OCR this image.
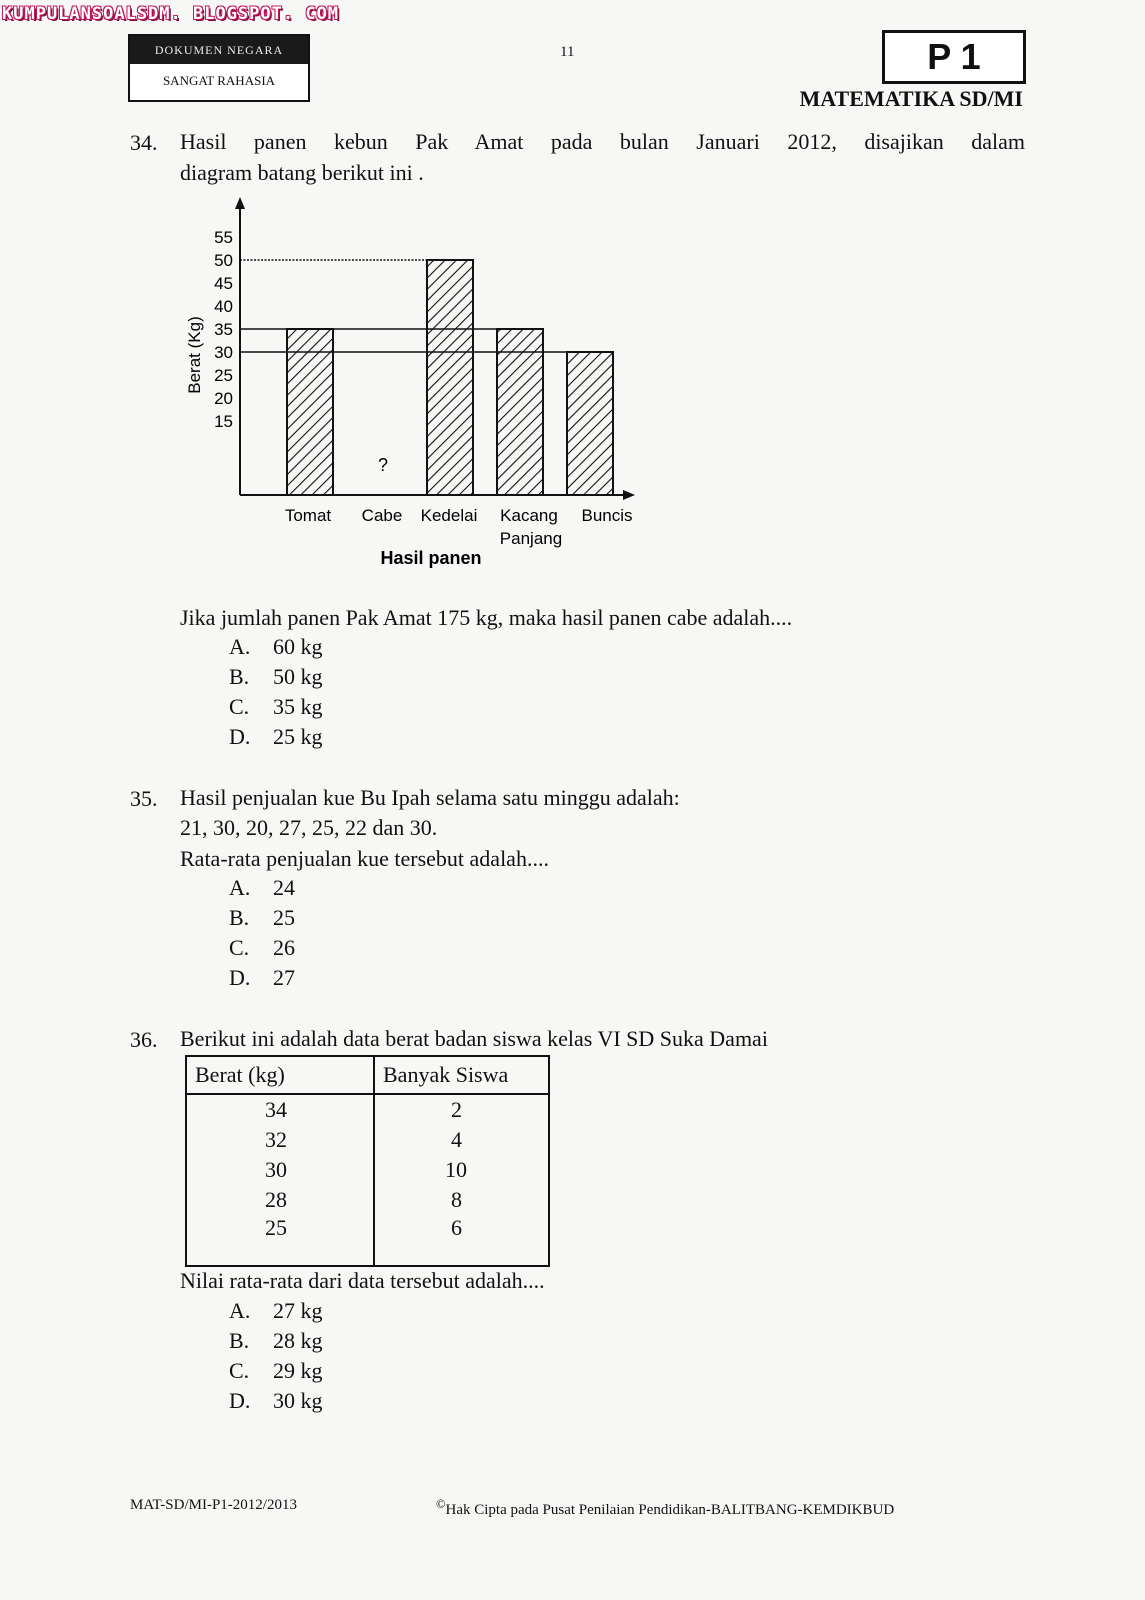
KUMPULANSOALSDM. BLOGSPOT. COM
DOKUMEN NEGARA
SANGAT RAHASIA
11	P 1
MATEMATIKA SD/MI
34. Hasil panen kebun Pak Amat pada bulan Januari 2012, disajikan dalam
diagram batang berikut ini .
15
20
25
30
35
40
45
50
55
Tomat Cabe Kedelai Kacang
Panjang
Buncis
?
Berat (Kg)
Hasil panen
Jika jumlah panen Pak Amat 175 kg, maka hasil panen cabe adalah....
A. 60 kg
B. 50 kg
C. 35 kg
D. 25 kg
35. Hasil penjualan kue Bu Ipah selama satu minggu adalah:
21, 30, 20, 27, 25, 22 dan 30.
Rata-rata penjualan kue tersebut adalah....
A. 24
B. 25
C. 26
D. 27
36. Berikut ini adalah data berat badan siswa kelas VI SD Suka Damai
Berat (kg)	Banyak Siswa
34	2
32	4
30	10
28	8
25	6
Nilai rata-rata dari data tersebut adalah....
A. 27 kg
B. 28 kg
C. 29 kg
D. 30 kg
MAT-SD/MI-P1-2012/2013	©Hak Cipta pada Pusat Penilaian Pendidikan-BALITBANG-KEMDIKBUD
